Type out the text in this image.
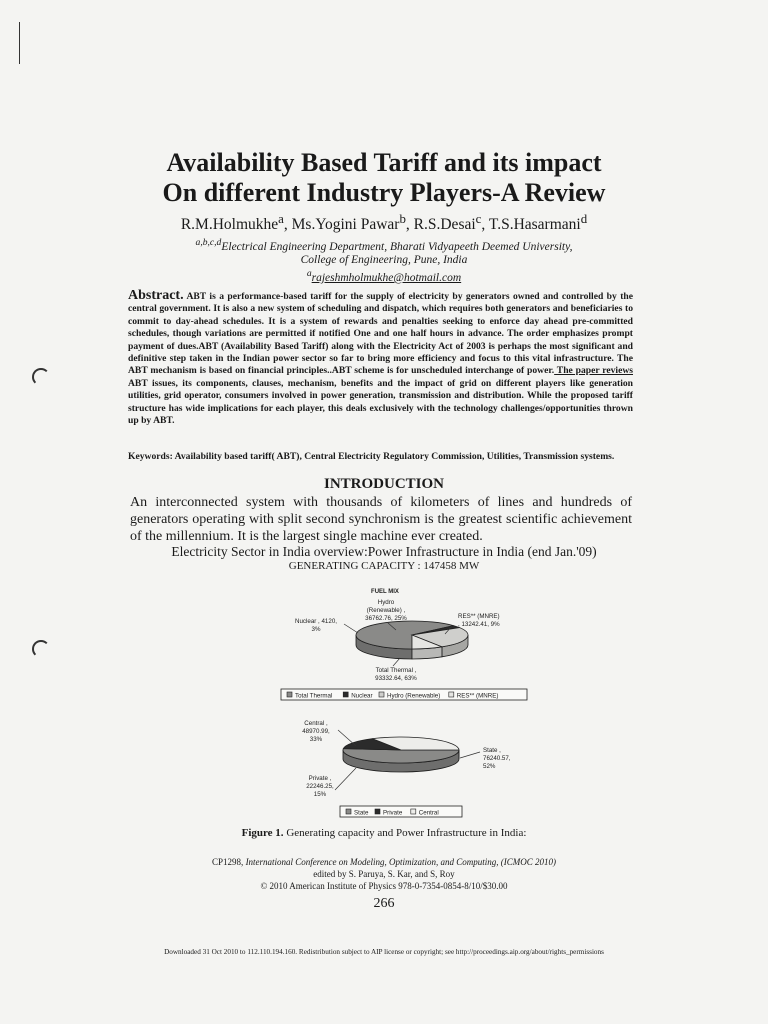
Availability Based Tariff and its impact
On different Industry Players-A Review
R.M.Holmukhe$^a$, Ms.Yogini Pawar$^b$, R.S.Desai$^c$, T.S.Hasarmani$^d$
$^{a,b,c,d}$Electrical Engineering Department, Bharati Vidyapeeth Deemed University,
College of Engineering, Pune, India
$^a$rajeshmholmukhe@hotmail.com
Abstract. ABT is a performance-based tariff for the supply of electricity by generators owned and controlled by the central government. It is also a new system of scheduling and dispatch, which requires both generators and beneficiaries to commit to day-ahead schedules. It is a system of rewards and penalties seeking to enforce day ahead pre-committed schedules, though variations are permitted if notified One and one half hours in advance. The order emphasizes prompt payment of dues.ABT (Availability Based Tariff) along with the Electricity Act of 2003 is perhaps the most significant and definitive step taken in the Indian power sector so far to bring more efficiency and focus to this vital infrastructure. The ABT mechanism is based on financial principles..ABT scheme is for unscheduled interchange of power. The paper reviews ABT issues, its components, clauses, mechanism, benefits and the impact of grid on different players like generation utilities, grid operator, consumers involved in power generation, transmission and distribution. While the proposed tariff structure has wide implications for each player, this deals exclusively with the technology challenges/opportunities thrown up by ABT.
Keywords: Availability based tariff( ABT), Central Electricity Regulatory Commission, Utilities, Transmission systems.
INTRODUCTION
An interconnected system with thousands of kilometers of lines and hundreds of generators operating with split second synchronism is the greatest scientific achievement of the millennium. It is the largest single machine ever created.
Electricity Sector in India overview:Power Infrastructure in India (end Jan.'09)
GENERATING CAPACITY : 147458 MW
FUEL MIX
Total Thermal ,
93332.64, 63%
Nuclear , 4120,
3%
Hydro
(Renewable) ,
36762.76, 25%	RES** (MNRE)
, 13242.41, 9%
Total Thermal	Nuclear Hydro (Renewable)	RES** (MNRE)
State ,
76240.57,
52%
Private ,
22246.25,
15%
Central ,
48970.99,
33%
State Private	Central
Figure 1. Generating capacity and Power Infrastructure in India:
CP1298, International Conference on Modeling, Optimization, and Computing, (ICMOC 2010)
edited by S. Paruya, S. Kar, and S, Roy
© 2010 American Institute of Physics 978-0-7354-0854-8/10/$30.00
266
Downloaded 31 Oct 2010 to 112.110.194.160. Redistribution subject to AIP license or copyright; see http://proceedings.aip.org/about/rights_permissions
